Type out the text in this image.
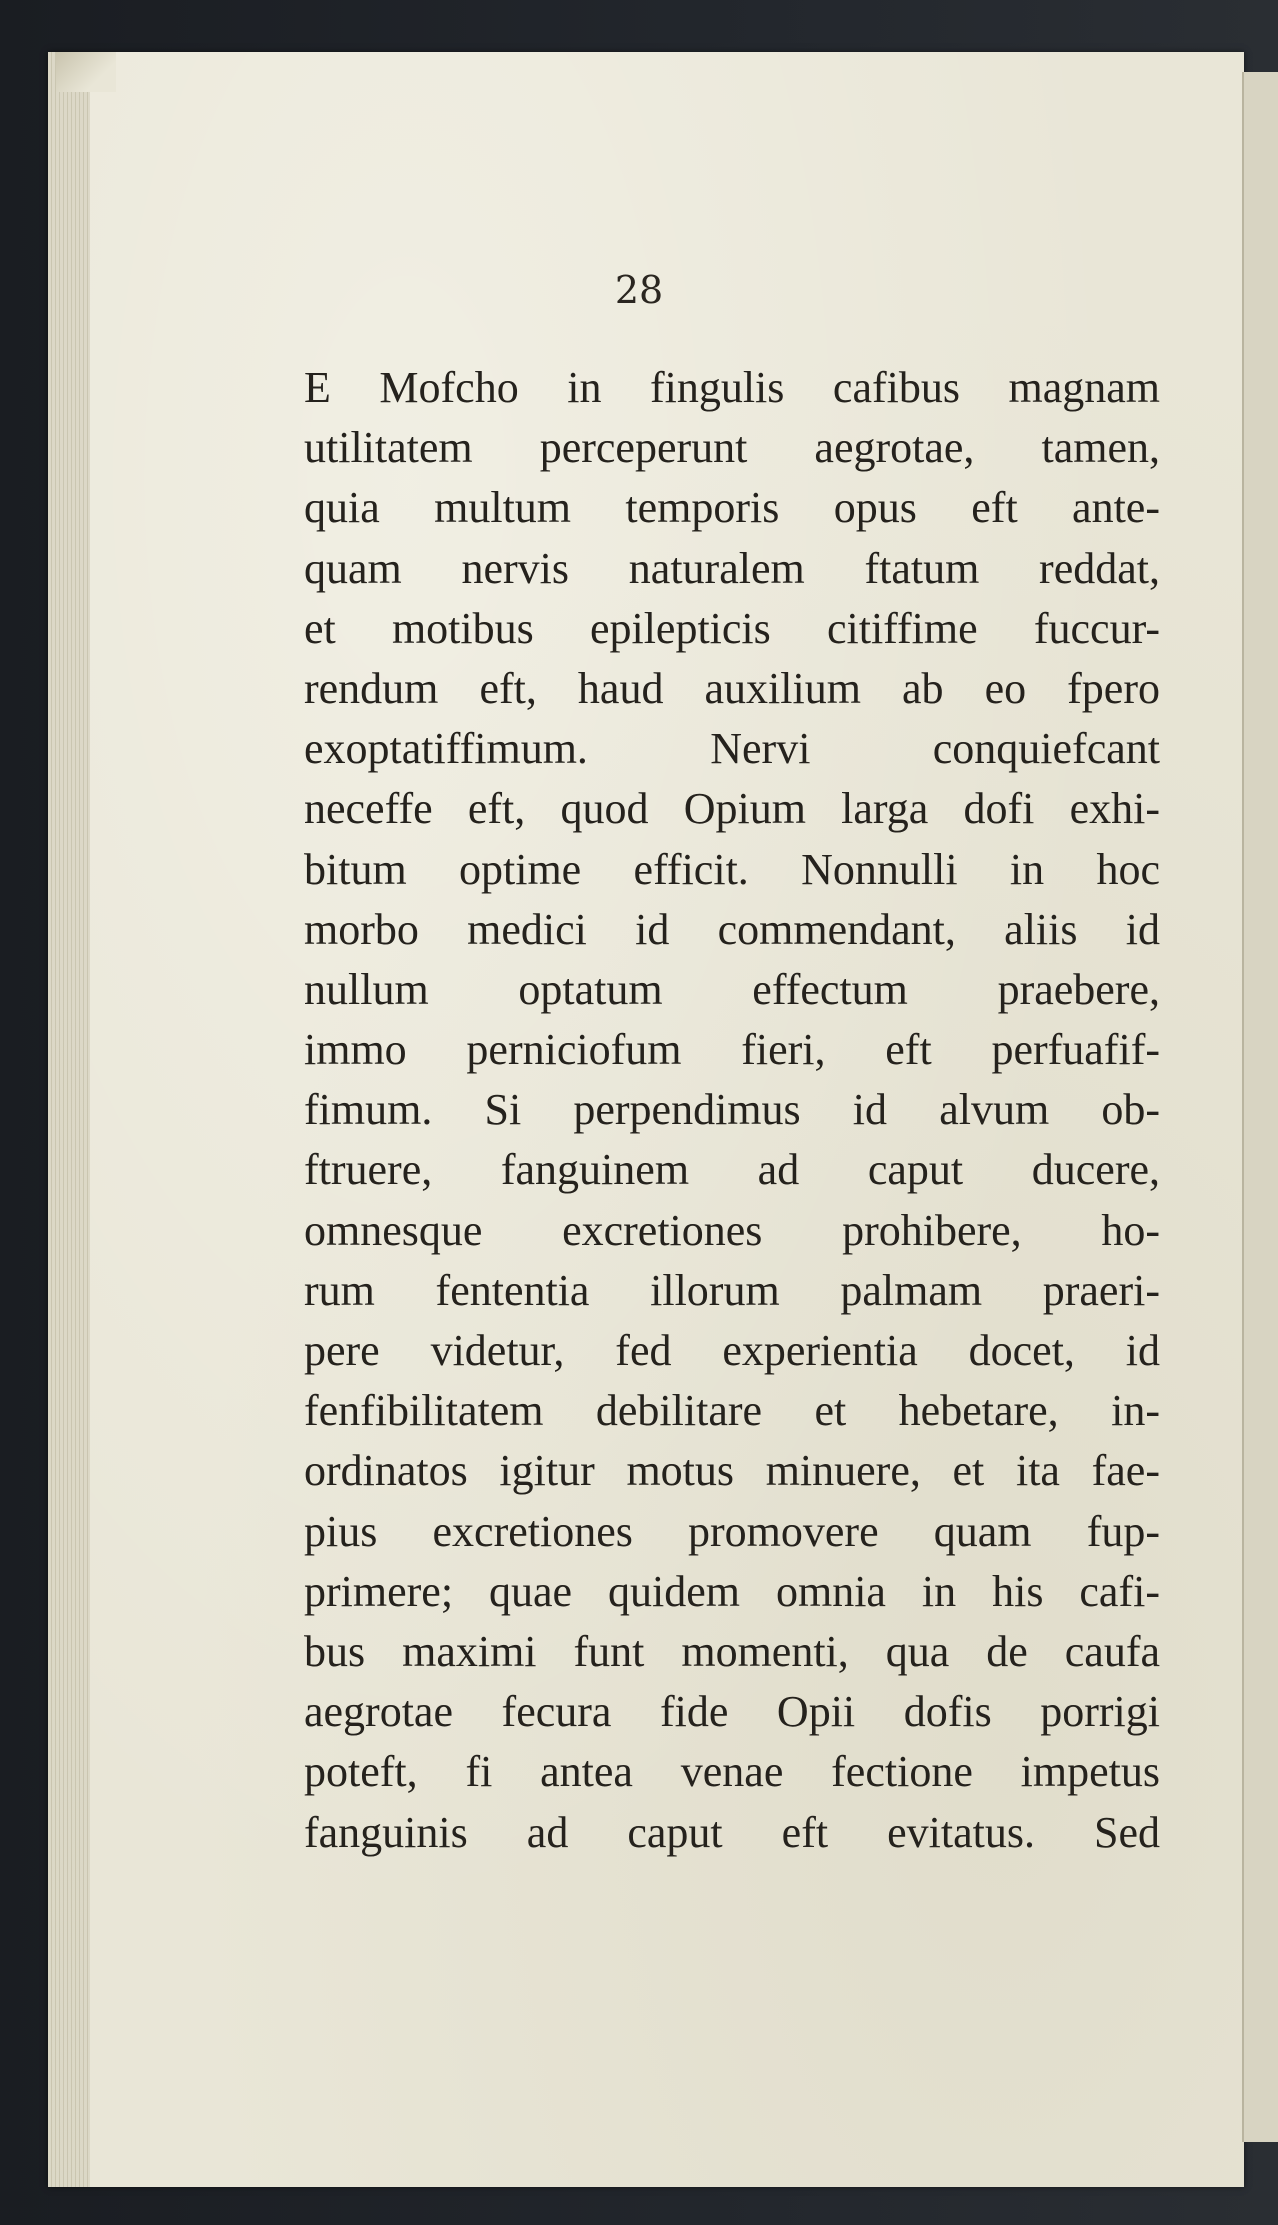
28
E Mofcho in fingulis cafibus magnam
utilitatem perceperunt aegrotae, tamen,
quia multum temporis opus eft ante-
quam nervis naturalem ftatum reddat,
et motibus epilepticis citiffime fuccur-
rendum eft, haud auxilium ab eo fpero
exoptatiffimum. Nervi conquiefcant
neceffe eft, quod Opium larga dofi exhi-
bitum optime efficit. Nonnulli in hoc
morbo medici id commendant, aliis id
nullum optatum effectum praebere,
immo perniciofum fieri, eft perfuafif-
fimum. Si perpendimus id alvum ob-
ftruere, fanguinem ad caput ducere,
omnesque excretiones prohibere, ho-
rum fententia illorum palmam praeri-
pere videtur, fed experientia docet, id
fenfibilitatem debilitare et hebetare, in-
ordinatos igitur motus minuere, et ita fae-
pius excretiones promovere quam fup-
primere; quae quidem omnia in his cafi-
bus maximi funt momenti, qua de caufa
aegrotae fecura fide Opii dofis porrigi
poteft, fi antea venae fectione impetus
fanguinis ad caput eft evitatus. Sed
